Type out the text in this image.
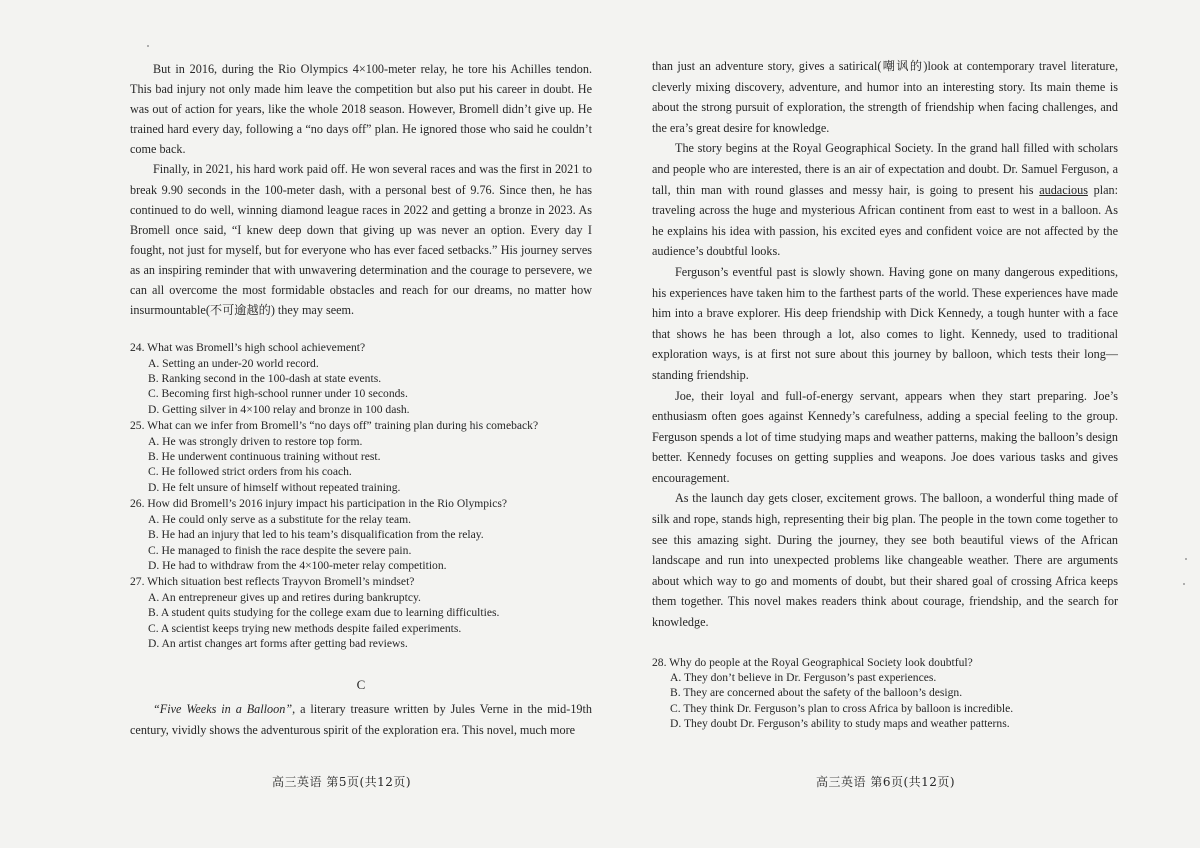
But in 2016, during the Rio Olympics 4×100-meter relay, he tore his Achilles tendon. This bad injury not only made him leave the competition but also put his career in doubt. He was out of action for years, like the whole 2018 season. However, Bromell didn’t give up. He trained hard every day, following a “no days off” plan. He ignored those who said he couldn’t come back.

Finally, in 2021, his hard work paid off. He won several races and was the first in 2021 to break 9.90 seconds in the 100-meter dash, with a personal best of 9.76. Since then, he has continued to do well, winning diamond league races in 2022 and getting a bronze in 2023. As Bromell once said, “I knew deep down that giving up was never an option. Every day I fought, not just for myself, but for everyone who has ever faced setbacks.” His journey serves as an inspiring reminder that with unwavering determination and the courage to persevere, we can all overcome the most formidable obstacles and reach for our dreams, no matter how insurmountable(不可逾越的) they may seem.

24. What was Bromell’s high school achievement?
A. Setting an under-20 world record.
B. Ranking second in the 100-dash at state events.
C. Becoming first high-school runner under 10 seconds.
D. Getting silver in 4×100 relay and bronze in 100 dash.
25. What can we infer from Bromell’s “no days off” training plan during his comeback?
A. He was strongly driven to restore top form.
B. He underwent continuous training without rest.
C. He followed strict orders from his coach.
D. He felt unsure of himself without repeated training.
26. How did Bromell’s 2016 injury impact his participation in the Rio Olympics?
A. He could only serve as a substitute for the relay team.
B. He had an injury that led to his team’s disqualification from the relay.
C. He managed to finish the race despite the severe pain.
D. He had to withdraw from the 4×100-meter relay competition.
27. Which situation best reflects Trayvon Bromell’s mindset?
A. An entrepreneur gives up and retires during bankruptcy.
B. A student quits studying for the college exam due to learning difficulties.
C. A scientist keeps trying new methods despite failed experiments.
D. An artist changes art forms after getting bad reviews.
C

“Five Weeks in a Balloon”, a literary treasure written by Jules Verne in the mid-19th century, vividly shows the adventurous spirit of the exploration era. This novel, much more

高三英语 第5页(共12页)

than just an adventure story, gives a satirical(嘲讽的)look at contemporary travel literature, cleverly mixing discovery, adventure, and humor into an interesting story. Its main theme is about the strong pursuit of exploration, the strength of friendship when facing challenges, and the era’s great desire for knowledge.

The story begins at the Royal Geographical Society. In the grand hall filled with scholars and people who are interested, there is an air of expectation and doubt. Dr. Samuel Ferguson, a tall, thin man with round glasses and messy hair, is going to present his audacious plan: traveling across the huge and mysterious African continent from east to west in a balloon. As he explains his idea with passion, his excited eyes and confident voice are not affected by the audience’s doubtful looks.

Ferguson’s eventful past is slowly shown. Having gone on many dangerous expeditions, his experiences have taken him to the farthest parts of the world. These experiences have made him into a brave explorer. His deep friendship with Dick Kennedy, a tough hunter with a face that shows he has been through a lot, also comes to light. Kennedy, used to traditional exploration ways, is at first not sure about this journey by balloon, which tests their long—standing friendship.

Joe, their loyal and full-of-energy servant, appears when they start preparing. Joe’s enthusiasm often goes against Kennedy’s carefulness, adding a special feeling to the group. Ferguson spends a lot of time studying maps and weather patterns, making the balloon’s design better. Kennedy focuses on getting supplies and weapons. Joe does various tasks and gives encouragement.

As the launch day gets closer, excitement grows. The balloon, a wonderful thing made of silk and rope, stands high, representing their big plan. The people in the town come together to see this amazing sight. During the journey, they see both beautiful views of the African landscape and run into unexpected problems like changeable weather. There are arguments about which way to go and moments of doubt, but their shared goal of crossing Africa keeps them together. This novel makes readers think about courage, friendship, and the search for knowledge.

28. Why do people at the Royal Geographical Society look doubtful?
A. They don’t believe in Dr. Ferguson’s past experiences.
B. They are concerned about the safety of the balloon’s design.
C. They think Dr. Ferguson’s plan to cross Africa by balloon is incredible.
D. They doubt Dr. Ferguson’s ability to study maps and weather patterns.
高三英语 第6页(共12页)
